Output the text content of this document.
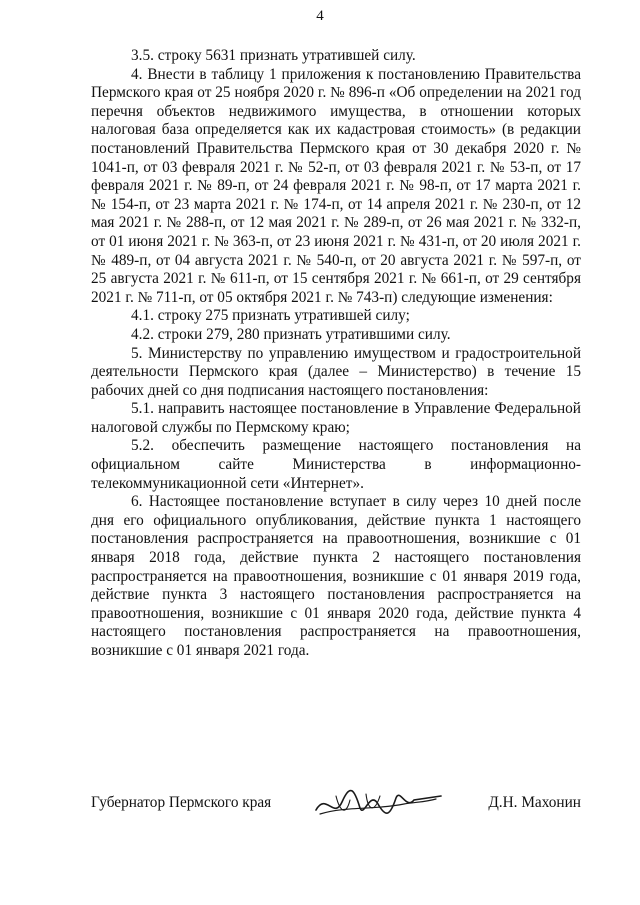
4

3.5. строку 5631 признать утратившей силу.

4. Внести в таблицу 1 приложения к постановлению Правительства Пермского края от 25 ноября 2020 г. № 896-п «Об определении на 2021 год перечня объектов недвижимого имущества, в отношении которых налоговая база определяется как их кадастровая стоимость» (в редакции постановлений Правительства Пермского края от 30 декабря 2020 г. № 1041-п, от 03 февраля 2021 г. № 52-п, от 03 февраля 2021 г. № 53-п, от 17 февраля 2021 г. № 89-п, от 24 февраля 2021 г. № 98-п, от 17 марта 2021 г. № 154-п, от 23 марта 2021 г. № 174-п, от 14 апреля 2021 г. № 230-п, от 12 мая 2021 г. № 288-п, от 12 мая 2021 г. № 289-п, от 26 мая 2021 г. № 332-п, от 01 июня 2021 г. № 363-п, от 23 июня 2021 г. № 431-п, от 20 июля 2021 г. № 489-п, от 04 августа 2021 г. № 540-п, от 20 августа 2021 г. № 597-п, от 25 августа 2021 г. № 611-п, от 15 сентября 2021 г. № 661-п, от 29 сентября 2021 г. № 711-п, от 05 октября 2021 г. № 743-п) следующие изменения:

4.1. строку 275 признать утратившей силу;

4.2. строки 279, 280 признать утратившими силу.

5. Министерству по управлению имуществом и градостроительной деятельности Пермского края (далее – Министерство) в течение 15 рабочих дней со дня подписания настоящего постановления:

5.1. направить настоящее постановление в Управление Федеральной налоговой службы по Пермскому краю;

5.2. обеспечить размещение настоящего постановления на официальном сайте Министерства в информационно-телекоммуникационной сети «Интернет».

6. Настоящее постановление вступает в силу через 10 дней после дня его официального опубликования, действие пункта 1 настоящего постановления распространяется на правоотношения, возникшие с 01 января 2018 года, действие пункта 2 настоящего постановления распространяется на правоотношения, возникшие с 01 января 2019 года, действие пункта 3 настоящего постановления распространяется на правоотношения, возникшие с 01 января 2020 года, действие пункта 4 настоящего постановления распространяется на правоотношения, возникшие с 01 января 2021 года.

Губернатор Пермского края	Д.Н. Махонин
